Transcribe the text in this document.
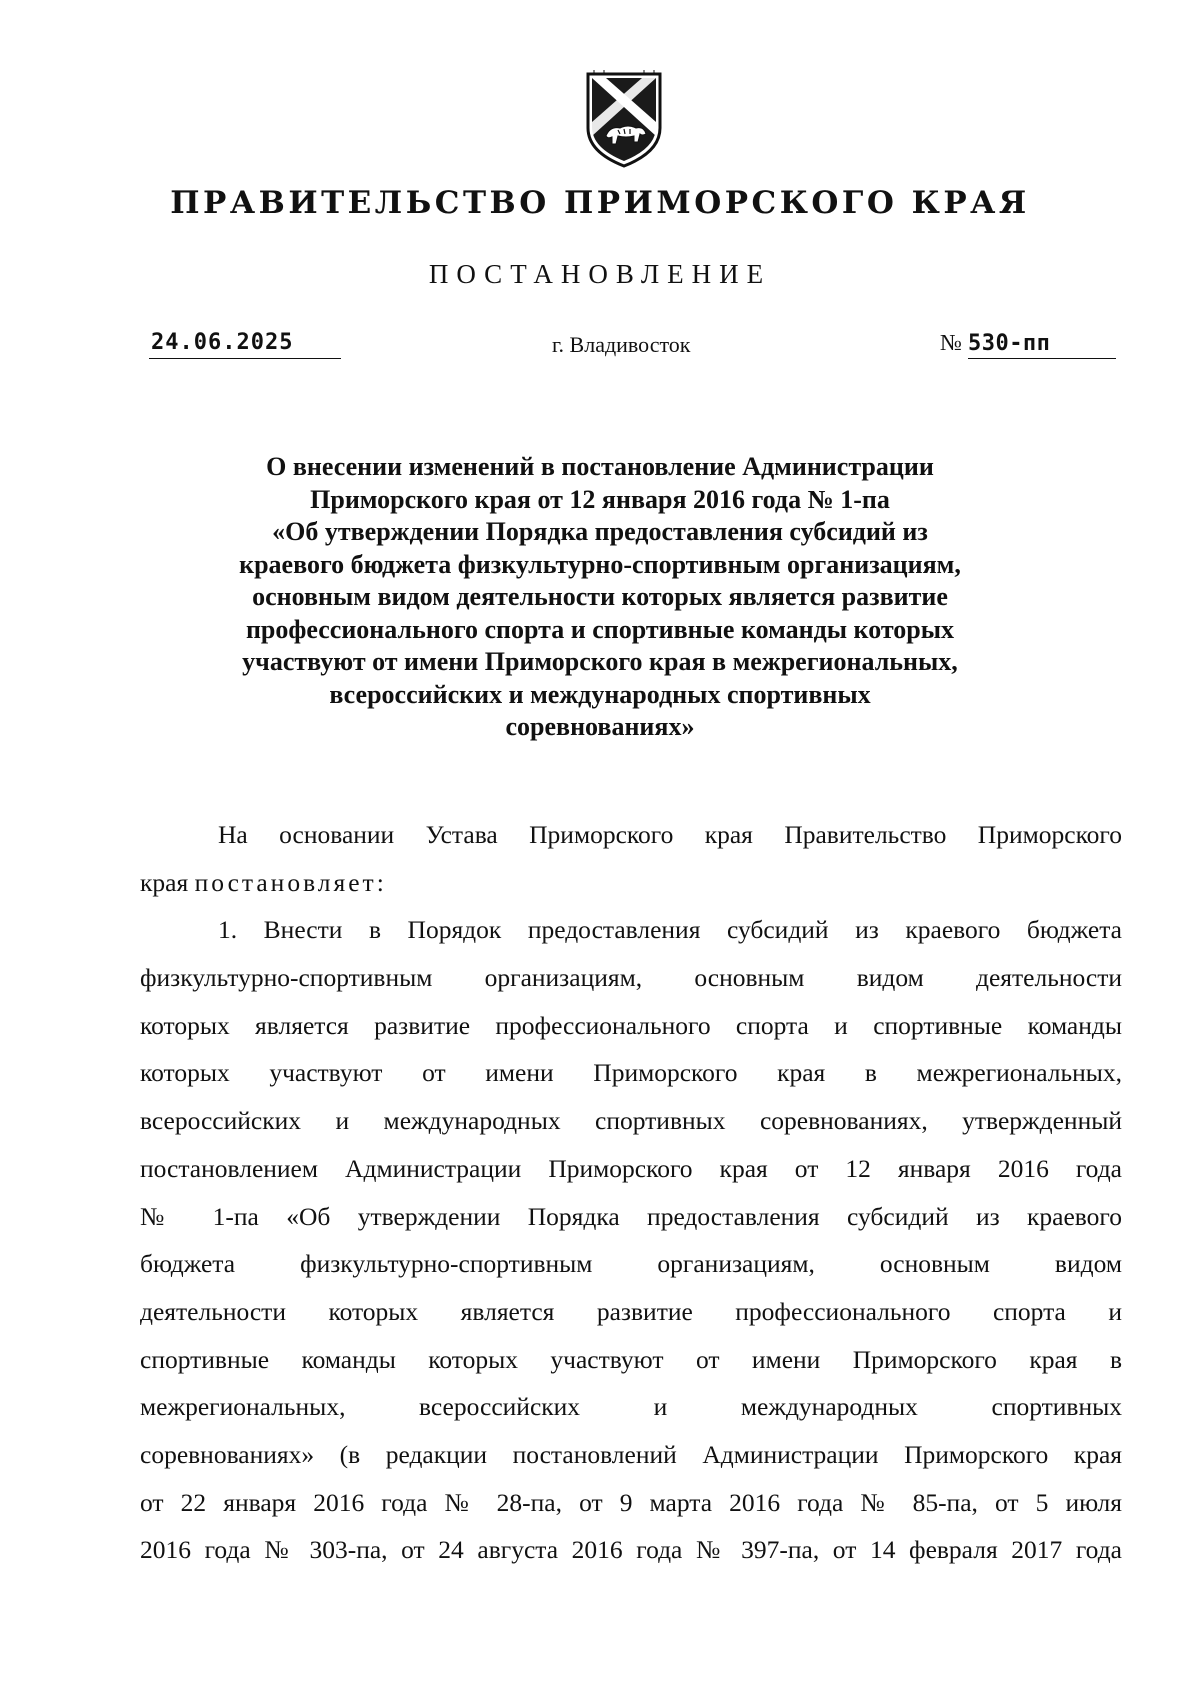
ПРАВИТЕЛЬСТВО ПРИМОРСКОГО КРАЯ
ПОСТАНОВЛЕНИЕ
24.06.2025	г. Владивосток	№ 530-пп
О внесении изменений в постановление Администрации
Приморского края от 12 января 2016 года № 1-па
«Об утверждении Порядка предоставления субсидий из
краевого бюджета физкультурно-спортивным организациям,
основным видом деятельности которых является развитие
профессионального спорта и спортивные команды которых
участвуют от имени Приморского края в межрегиональных,
всероссийских и международных спортивных
соревнованиях»
На основании Устава Приморского края Правительство Приморского
края постановляет:
1. Внести в Порядок предоставления субсидий из краевого бюджета
физкультурно-спортивным организациям, основным видом деятельности
которых является развитие профессионального спорта и спортивные команды
которых участвуют от имени Приморского края в межрегиональных,
всероссийских и международных спортивных соревнованиях, утвержденный
постановлением Администрации Приморского края от 12 января 2016 года
№ 1-па «Об утверждении Порядка предоставления субсидий из краевого
бюджета физкультурно-спортивным организациям, основным видом
деятельности которых является развитие профессионального спорта и
спортивные команды которых участвуют от имени Приморского края в
межрегиональных, всероссийских и международных спортивных
соревнованиях» (в редакции постановлений Администрации Приморского края
от 22 января 2016 года № 28-па, от 9 марта 2016 года № 85-па, от 5 июля
2016 года № 303-па, от 24 августа 2016 года № 397-па, от 14 февраля 2017 года
